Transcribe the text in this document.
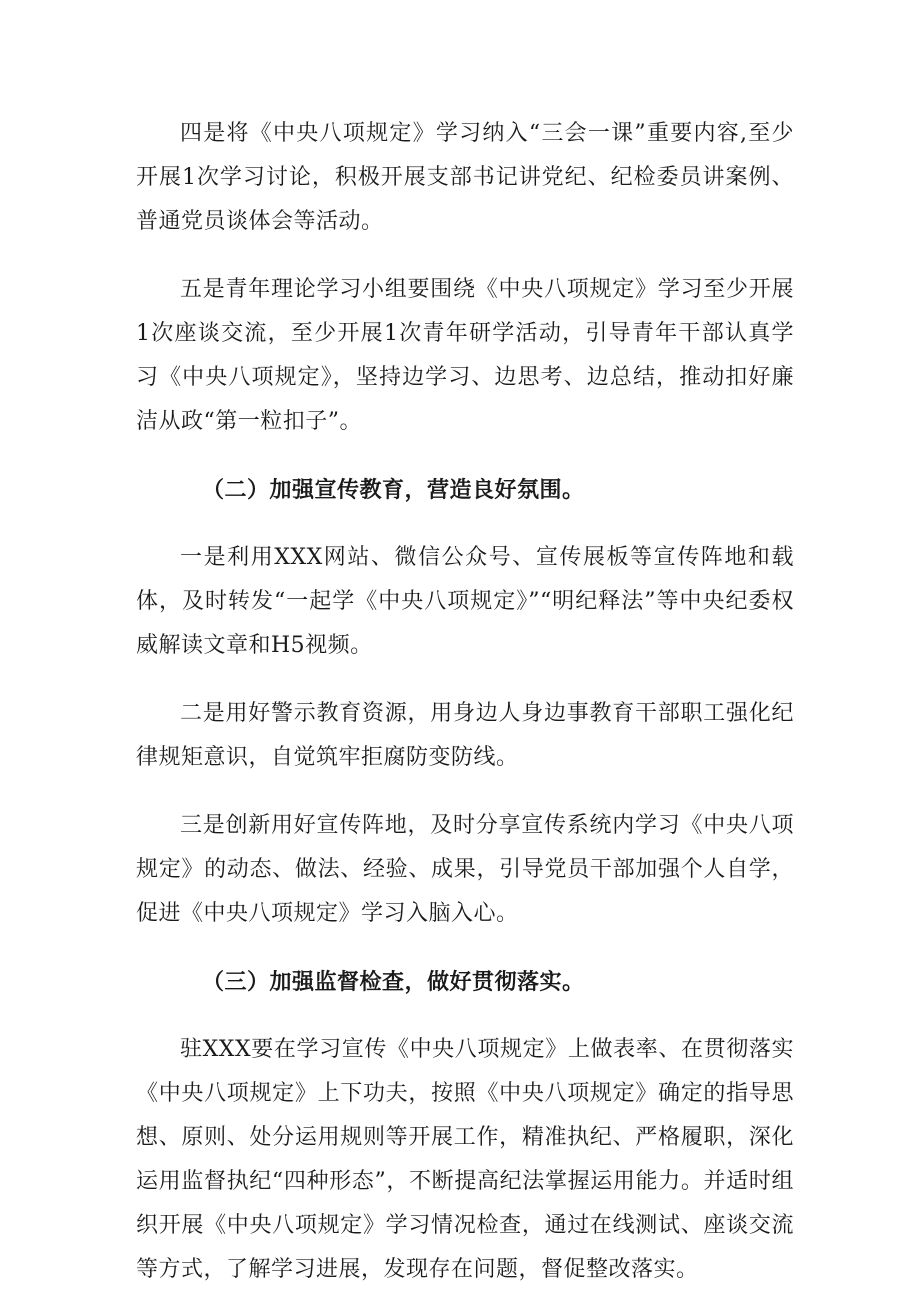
四是将《中央八项规定》学习纳入“三会一课”重要内容,至少开展1次学习讨论，积极开展支部书记讲党纪、纪检委员讲案例、普通党员谈体会等活动。

五是青年理论学习小组要围绕《中央八项规定》学习至少开展1次座谈交流，至少开展1次青年研学活动，引导青年干部认真学习《中央八项规定》，坚持边学习、边思考、边总结，推动扣好廉洁从政“第一粒扣子”。

（二）加强宣传教育，营造良好氛围。

一是利用XXX网站、微信公众号、宣传展板等宣传阵地和载体，及时转发“一起学《中央八项规定》”“明纪释法”等中央纪委权威解读文章和H5视频。

二是用好警示教育资源，用身边人身边事教育干部职工强化纪律规矩意识，自觉筑牢拒腐防变防线。

三是创新用好宣传阵地，及时分享宣传系统内学习《中央八项规定》的动态、做法、经验、成果，引导党员干部加强个人自学，促进《中央八项规定》学习入脑入心。

（三）加强监督检查，做好贯彻落实。

驻XXX要在学习宣传《中央八项规定》上做表率、在贯彻落实《中央八项规定》上下功夫，按照《中央八项规定》确定的指导思想、原则、处分运用规则等开展工作，精准执纪、严格履职，深化运用监督执纪“四种形态”，不断提高纪法掌握运用能力。并适时组织开展《中央八项规定》学习情况检查，通过在线测试、座谈交流等方式，了解学习进展，发现存在问题，督促整改落实。
